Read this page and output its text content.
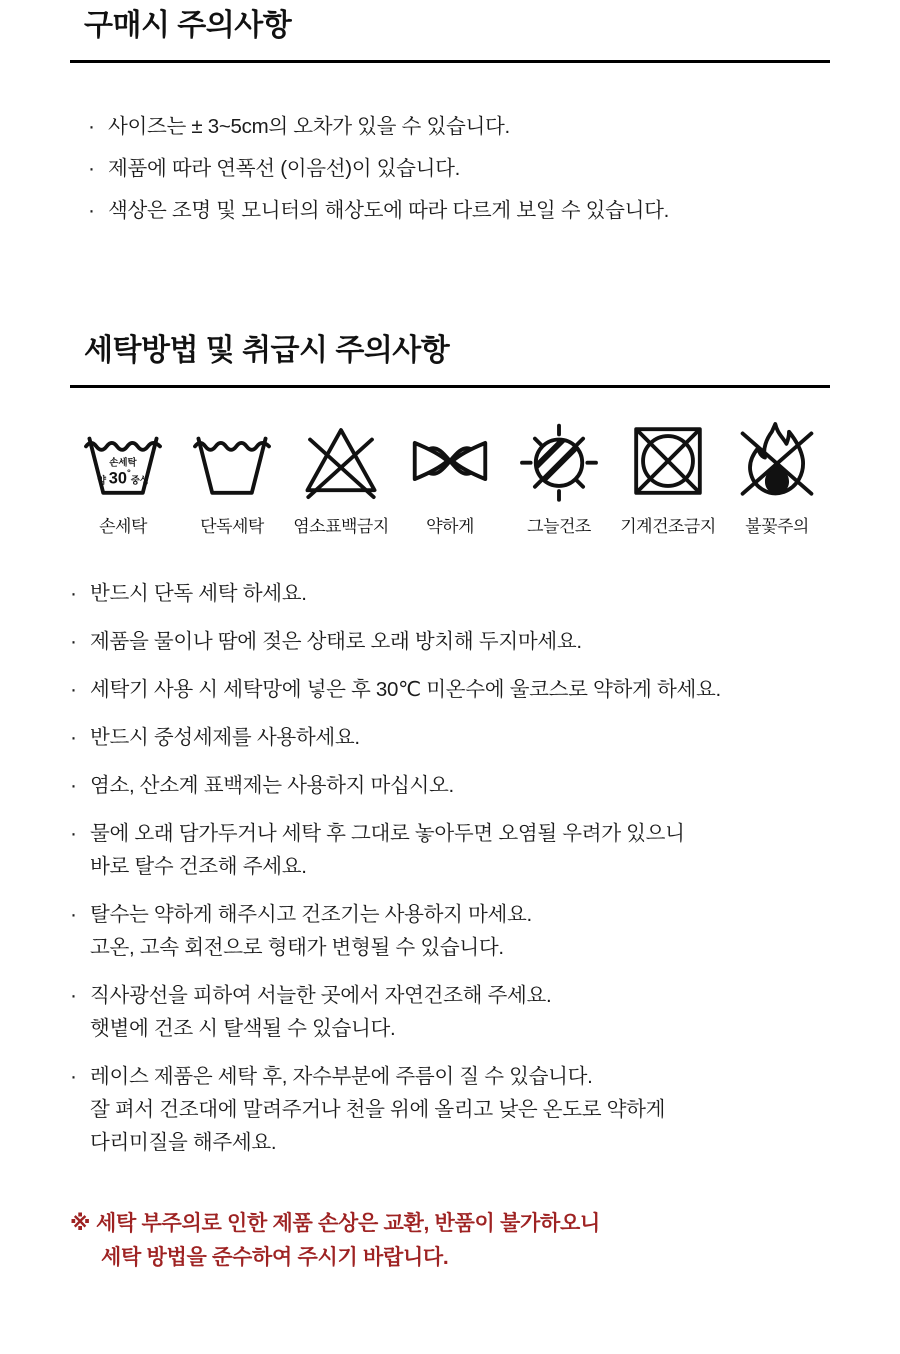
구매시 주의사항
· 사이즈는 ± 3~5cm의 오차가 있을 수 있습니다.
· 제품에 따라 연폭선 (이음선)이 있습니다.
· 색상은 조명 및 모니터의 해상도에 따라 다르게 보일 수 있습니다.
세탁방법 및 취급시 주의사항
손세탁
약 $30^\circ_{중성}$
손세탁	단독세탁 염소표백금지 약하게	그늘건조 기계건조금지 불꽃주의
· 반드시 단독 세탁 하세요.
· 제품을 물이나 땀에 젖은 상태로 오래 방치해 두지마세요.
· 세탁기 사용 시 세탁망에 넣은 후 30℃ 미온수에 울코스로 약하게 하세요.
· 반드시 중성세제를 사용하세요.
· 염소, 산소계 표백제는 사용하지 마십시오.
· 물에 오래 담가두거나 세탁 후 그대로 놓아두면 오염될 우려가 있으니
바로 탈수 건조해 주세요.
· 탈수는 약하게 해주시고 건조기는 사용하지 마세요.
고온, 고속 회전으로 형태가 변형될 수 있습니다.
· 직사광선을 피하여 서늘한 곳에서 자연건조해 주세요.
햇볕에 건조 시 탈색될 수 있습니다.
· 레이스 제품은 세탁 후, 자수부분에 주름이 질 수 있습니다.
잘 펴서 건조대에 말려주거나 천을 위에 올리고 낮은 온도로 약하게
다리미질을 해주세요.
※ 세탁 부주의로 인한 제품 손상은 교환, 반품이 불가하오니
세탁 방법을 준수하여 주시기 바랍니다.
